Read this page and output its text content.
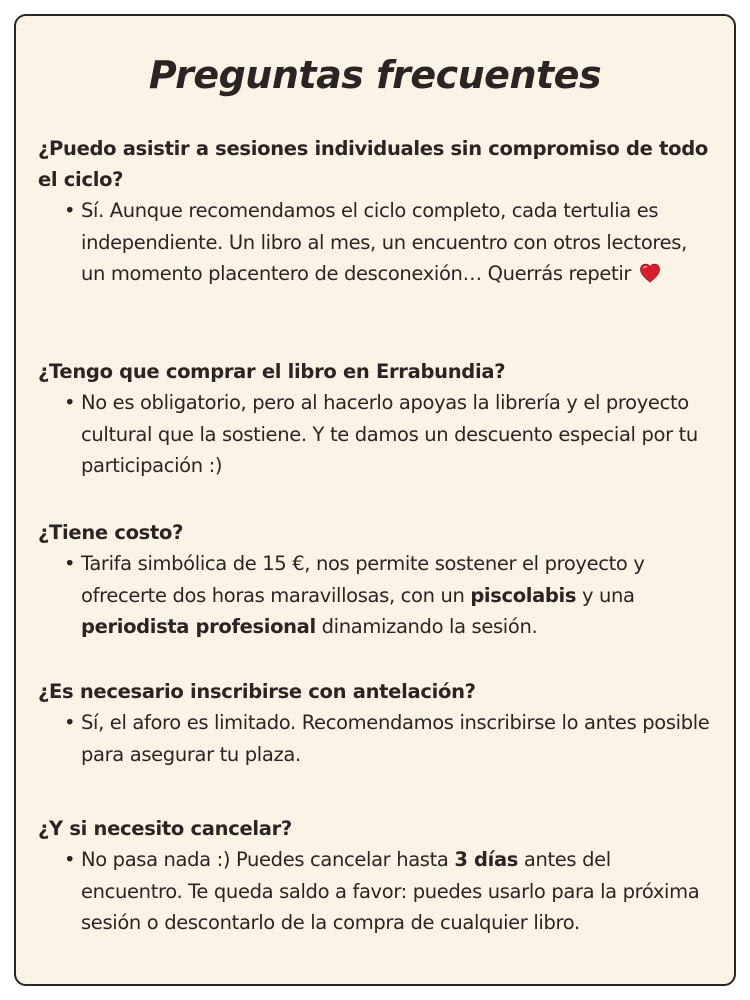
Preguntas frecuentes

¿Puedo asistir a sesiones individuales sin compromiso de todo el ciclo?

• Sí. Aunque recomendamos el ciclo completo, cada tertulia es independiente. Un libro al mes, un encuentro con otros lectores, un momento placentero de desconexión… Querrás repetir

¿Tengo que comprar el libro en Errabundia?

• No es obligatorio, pero al hacerlo apoyas la librería y el proyecto cultural que la sostiene. Y te damos un descuento especial por tu participación :)

¿Tiene costo?

• Tarifa simbólica de 15 €, nos permite sostener el proyecto y ofrecerte dos horas maravillosas, con un piscolabis y una periodista profesional dinamizando la sesión.

¿Es necesario inscribirse con antelación?

• Sí, el aforo es limitado. Recomendamos inscribirse lo antes posible para asegurar tu plaza.

¿Y si necesito cancelar?

• No pasa nada :) Puedes cancelar hasta 3 días antes del encuentro. Te queda saldo a favor: puedes usarlo para la próxima sesión o descontarlo de la compra de cualquier libro.
